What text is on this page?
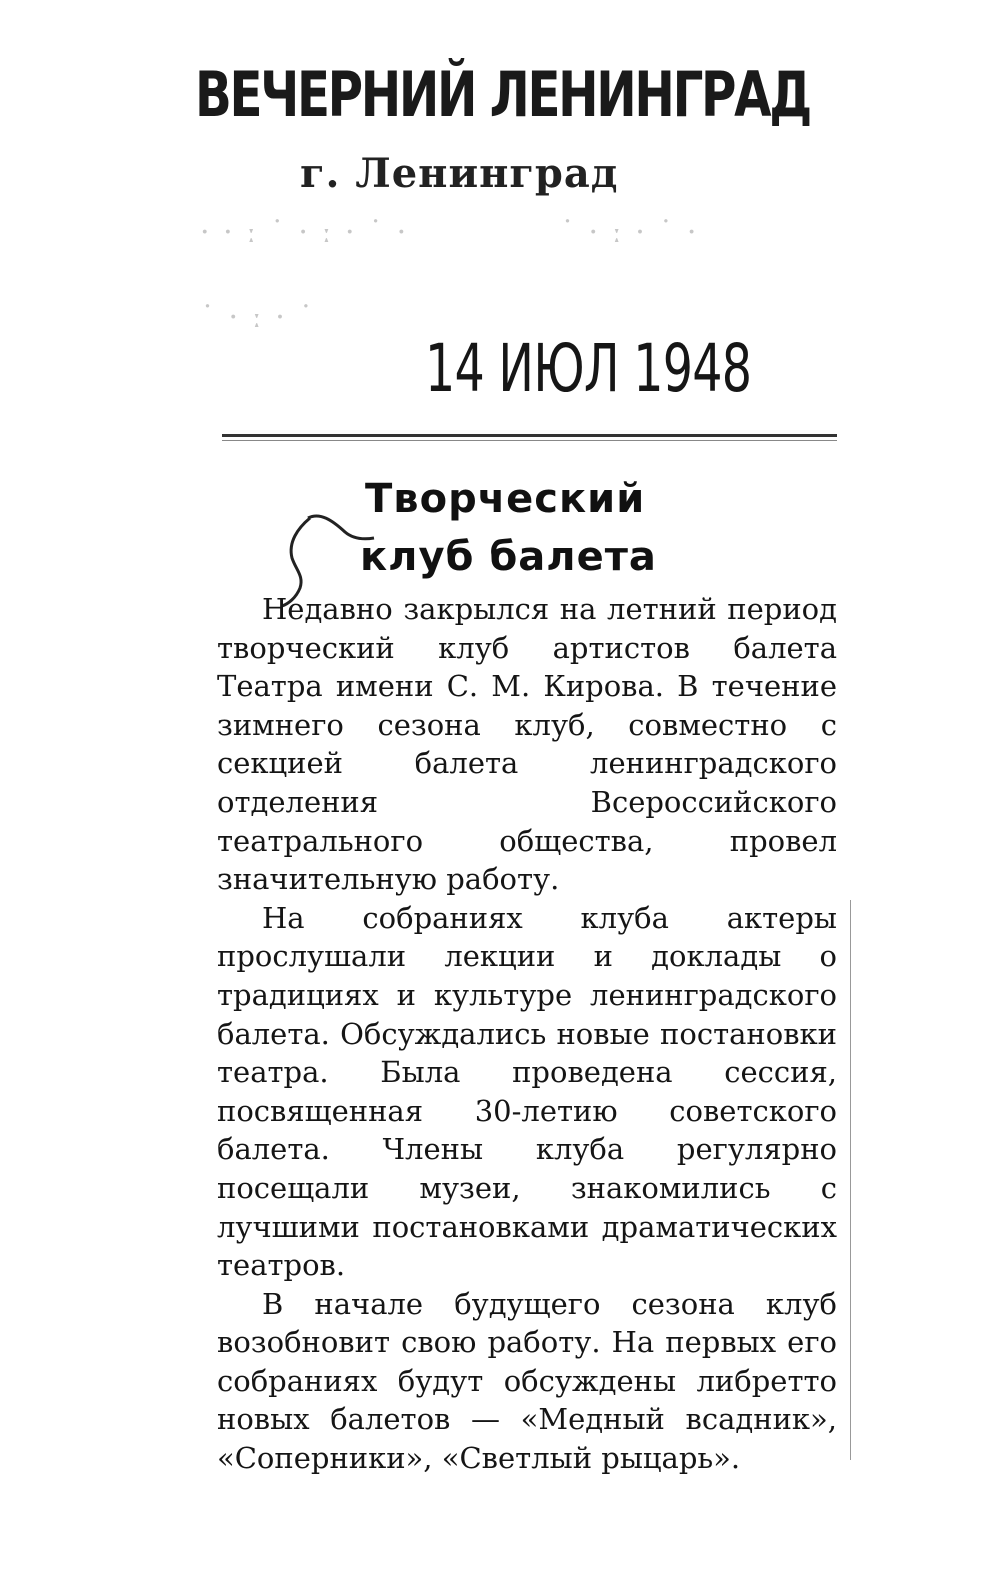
ВЕЧЕРНИЙ ЛЕНИНГРАД
г. Ленинград
· · ː ˙ · ː · ˙ ·	˙ · ː · ˙ ·
˙ · ː · ˙
14 ИЮЛ 1948
Творческий
клуб балета

Недавно закрылся на летний период творческий клуб артистов балета Театра имени С. М. Кирова. В течение зимнего сезона клуб, совместно с секцией балета ленинградского отделения Всероссийского театрального общества, провел значительную работу.

На собраниях клуба актеры прослушали лекции и доклады о традициях и культуре ленинградского балета. Обсуждались новые постановки театра. Была проведена сессия, посвященная 30-летию советского балета. Члены клуба регулярно посещали музеи, знакомились с лучшими постановками драматических театров.

В начале будущего сезона клуб возобновит свою работу. На первых его собраниях будут обсуждены либретто новых балетов — «Медный всадник», «Соперники», «Светлый рыцарь».
